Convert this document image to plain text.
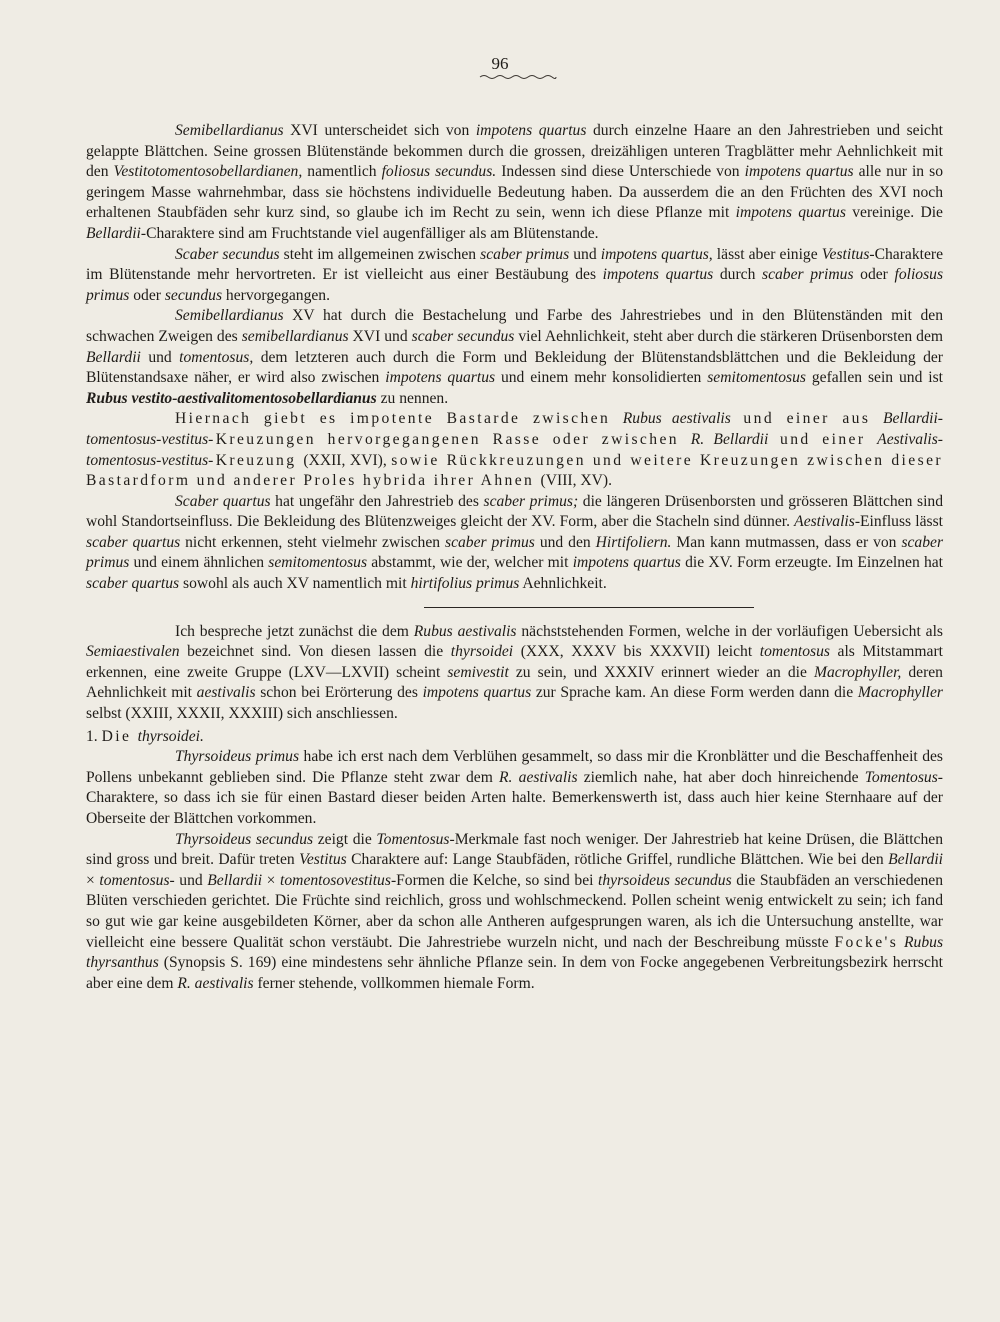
96

Semibellardianus XVI unterscheidet sich von impotens quartus durch einzelne Haare an den Jahrestrieben und seicht gelappte Blättchen. Seine grossen Blütenstände bekommen durch die grossen, dreizähligen unteren Tragblätter mehr Aehnlichkeit mit den Vestitotomentosobellardianen, namentlich foliosus secundus. Indessen sind diese Unterschiede von impotens quartus alle nur in so geringem Masse wahrnehmbar, dass sie höchstens individuelle Bedeutung haben. Da ausserdem die an den Früchten des XVI noch erhaltenen Staubfäden sehr kurz sind, so glaube ich im Recht zu sein, wenn ich diese Pflanze mit impotens quartus vereinige. Die Bellardii-Charaktere sind am Fruchtstande viel augenfälliger als am Blütenstande.

Scaber secundus steht im allgemeinen zwischen scaber primus und impotens quartus, lässt aber einige Vestitus-Charaktere im Blütenstande mehr hervortreten. Er ist vielleicht aus einer Bestäubung des impotens quartus durch scaber primus oder foliosus primus oder secundus hervorgegangen.

Semibellardianus XV hat durch die Bestachelung und Farbe des Jahrestriebes und in den Blütenständen mit den schwachen Zweigen des semibellardianus XVI und scaber secundus viel Aehnlichkeit, steht aber durch die stärkeren Drüsenborsten dem Bellardii und tomentosus, dem letzteren auch durch die Form und Bekleidung der Blütenstandsblättchen und die Bekleidung der Blütenstandsaxe näher, er wird also zwischen impotens quartus und einem mehr konsolidierten semitomentosus gefallen sein und ist Rubus vestito-aestivalitomentosobellardianus zu nennen.

Hiernach giebt es impotente Bastarde zwischen Rubus aestivalis und einer aus Bellardii-tomentosus-vestitus-Kreuzungen hervorgegangenen Rasse oder zwischen R. Bellardii und einer Aestivalis-tomentosus-vestitus-Kreuzung (XXII, XVI), sowie Rückkreuzungen und weitere Kreuzungen zwischen dieser Bastardform und anderer Proles hybrida ihrer Ahnen (VIII, XV).

Scaber quartus hat ungefähr den Jahrestrieb des scaber primus; die längeren Drüsenborsten und grösseren Blättchen sind wohl Standortseinfluss. Die Bekleidung des Blütenzweiges gleicht der XV. Form, aber die Stacheln sind dünner. Aestivalis-Einfluss lässt scaber quartus nicht erkennen, steht vielmehr zwischen scaber primus und den Hirtifoliern. Man kann mutmassen, dass er von scaber primus und einem ähnlichen semitomentosus abstammt, wie der, welcher mit impotens quartus die XV. Form erzeugte. Im Einzelnen hat scaber quartus sowohl als auch XV namentlich mit hirtifolius primus Aehnlichkeit.

Ich bespreche jetzt zunächst die dem Rubus aestivalis nächststehenden Formen, welche in der vorläufigen Uebersicht als Semiaestivalen bezeichnet sind. Von diesen lassen die thyrsoidei (XXX, XXXV bis XXXVII) leicht tomentosus als Mitstammart erkennen, eine zweite Gruppe (LXV—LXVII) scheint semivestit zu sein, und XXXIV erinnert wieder an die Macrophyller, deren Aehnlichkeit mit aestivalis schon bei Erörterung des impotens quartus zur Sprache kam. An diese Form werden dann die Macrophyller selbst (XXIII, XXXII, XXXIII) sich anschliessen.

1. Die thyrsoidei.

Thyrsoideus primus habe ich erst nach dem Verblühen gesammelt, so dass mir die Kronblätter und die Beschaffenheit des Pollens unbekannt geblieben sind. Die Pflanze steht zwar dem R. aestivalis ziemlich nahe, hat aber doch hinreichende Tomentosus-Charaktere, so dass ich sie für einen Bastard dieser beiden Arten halte. Bemerkenswerth ist, dass auch hier keine Sternhaare auf der Oberseite der Blättchen vorkommen.

Thyrsoideus secundus zeigt die Tomentosus-Merkmale fast noch weniger. Der Jahrestrieb hat keine Drüsen, die Blättchen sind gross und breit. Dafür treten Vestitus Charaktere auf: Lange Staubfäden, rötliche Griffel, rundliche Blättchen. Wie bei den Bellardii × tomentosus- und Bellardii × tomentosovestitus-Formen die Kelche, so sind bei thyrsoideus secundus die Staubfäden an verschiedenen Blüten verschieden gerichtet. Die Früchte sind reichlich, gross und wohlschmeckend. Pollen scheint wenig entwickelt zu sein; ich fand so gut wie gar keine ausgebildeten Körner, aber da schon alle Antheren aufgesprungen waren, als ich die Untersuchung anstellte, war vielleicht eine bessere Qualität schon verstäubt. Die Jahrestriebe wurzeln nicht, und nach der Beschreibung müsste Focke's Rubus thyrsanthus (Synopsis S. 169) eine mindestens sehr ähnliche Pflanze sein. In dem von Focke angegebenen Verbreitungsbezirk herrscht aber eine dem R. aestivalis ferner stehende, vollkommen hiemale Form.
